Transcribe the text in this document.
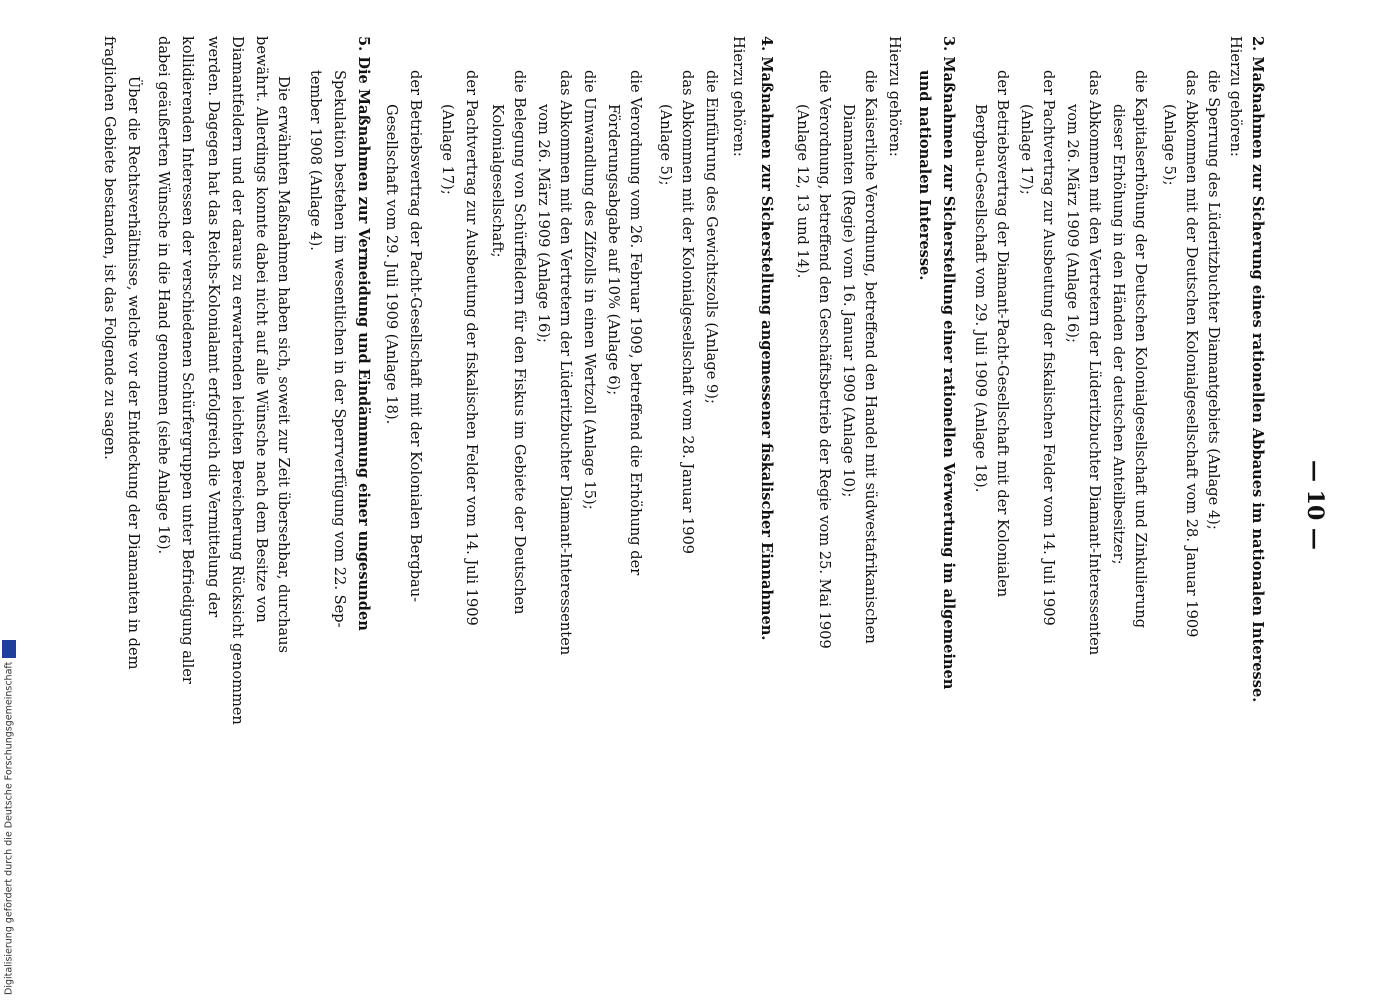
— 10 —
2. Maßnahmen zur Sicherung eines rationellen Abbaues im nationalen Interesse.
Hierzu gehören:
die Sperrung des Lüderitzbuchter Diamantgebiets (Anlage 4);
das Abkommen mit der Deutschen Kolonialgesellschaft vom 28. Januar 1909
(Anlage 5);
die Kapitalserhöhung der Deutschen Kolonialgesellschaft und Zinkulierung
dieser Erhöhung in den Händen der deutschen Anteilbesitzer;
das Abkommen mit den Vertretern der Lüderitzbuchter Diamant-Interessenten
vom 26. März 1909 (Anlage 16);
der Pachtvertrag zur Ausbeutung der fiskalischen Felder vom 14. Juli 1909
(Anlage 17);
der Betriebsvertrag der Diamant-Pacht-Gesellschaft mit der Kolonialen
Bergbau-Gesellschaft vom 29. Juli 1909 (Anlage 18).
3. Maßnahmen zur Sicherstellung einer rationellen Verwertung im allgemeinen
und nationalen Interesse.
Hierzu gehören:
die Kaiserliche Verordnung, betreffend den Handel mit südwestafrikanischen
Diamanten (Regie) vom 16. Januar 1909 (Anlage 10);
die Verordnung, betreffend den Geschäftsbetrieb der Regie vom 25. Mai 1909
(Anlage 12, 13 und 14).
4. Maßnahmen zur Sicherstellung angemessener fiskalischer Einnahmen.
Hierzu gehören:
die Einführung des Gewichtszolls (Anlage 9);
das Abkommen mit der Kolonialgesellschaft vom 28. Januar 1909
(Anlage 5);
die Verordnung vom 26. Februar 1909, betreffend die Erhöhung der
Förderungsabgabe auf 10% (Anlage 6);
die Umwandlung des Zifzolls in einen Wertzoll (Anlage 15);
das Abkommen mit den Vertretern der Lüderitzbuchter Diamant-Interessenten
vom 26. März 1909 (Anlage 16);
die Belegung von Schürffeldern für den Fiskus im Gebiete der Deutschen
Kolonialgesellschaft;
der Pachtvertrag zur Ausbeutung der fiskalischen Felder vom 14. Juli 1909
(Anlage 17);
der Betriebsvertrag der Pacht-Gesellschaft mit der Kolonialen Bergbau-
Gesellschaft vom 29. Juli 1909 (Anlage 18).
5. Die Maßnahmen zur Vermeidung und Eindämmung einer ungesunden
Spekulation bestehen im wesentlichen in der Sperrverfügung vom 22. Sep-
tember 1908 (Anlage 4).
Die erwähnten Maßnahmen haben sich, soweit zur Zeit übersehbar, durchaus
bewährt. Allerdings konnte dabei nicht auf alle Wünsche nach dem Besitze von
Diamantfeldern und der daraus zu erwartenden leichten Bereicherung Rücksicht genommen
werden. Dagegen hat das Reichs-Kolonialamt erfolgreich die Vermittelung der
kollidierenden Interessen der verschiedenen Schürfergruppen unter Befriedigung aller
dabei geäußerten Wünsche in die Hand genommen (siehe Anlage 16).
Über die Rechtsverhältnisse, welche vor der Entdeckung der Diamanten in dem
fraglichen Gebiete bestanden, ist das Folgende zu sagen.
Digitalisierung gefördert durch die Deutsche Forschungsgemeinschaft
